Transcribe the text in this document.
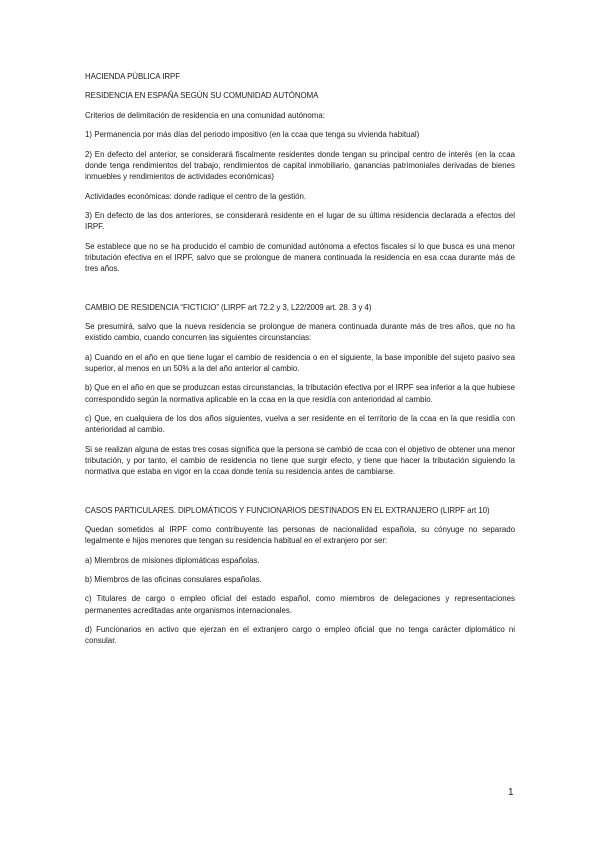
HACIENDA PÚBLICA IRPF

RESIDENCIA EN ESPAÑA SEGÚN SU COMUNIDAD AUTÓNOMA

Criterios de delimitación de residencia en una comunidad autónoma:

1) Permanencia por más días del periodo impositivo (en la ccaa que tenga su vivienda habitual)

2) En defecto del anterior, se considerará fiscalmente residentes donde tengan su principal centro de interés (en la ccaa donde tenga rendimientos del trabajo, rendimientos de capital inmobiliario, ganancias patrimoniales derivadas de bienes inmuebles y rendimientos de actividades económicas)

Actividades económicas: donde radique el centro de la gestión.

3) En defecto de las dos anteriores, se considerará residente en el lugar de su última residencia declarada a efectos del IRPF.

Se establece que no se ha producido el cambio de comunidad autónoma a efectos fiscales si lo que busca es una menor tributación efectiva en el IRPF, salvo que se prolongue de manera continuada la residencia en esa ccaa durante más de tres años.

CAMBIO DE RESIDENCIA “FICTICIO” (LIRPF art 72.2 y 3, L22/2009 art. 28. 3 y 4)

Se presumirá, salvo que la nueva residencia se prolongue de manera continuada durante más de tres años, que no ha existido cambio, cuando concurren las siguientes circunstancias:

a) Cuando en el año en que tiene lugar el cambio de residencia o en el siguiente, la base imponible del sujeto pasivo sea superior, al menos en un 50% a la del año anterior al cambio.

b) Que en el año en que se produzcan estas circunstancias, la tributación efectiva por el IRPF sea inferior a la que hubiese correspondido según la normativa aplicable en la ccaa en la que residía con anterioridad al cambio.

c) Que, en cualquiera de los dos años siguientes, vuelva a ser residente en el territorio de la ccaa en la que residía con anterioridad al cambio.

Si se realizan alguna de estas tres cosas significa que la persona se cambió de ccaa con el objetivo de obtener una menor tributación, y por tanto, el cambio de residencia no tiene que surgir efecto, y tiene que hacer la tributación siguiendo la normativa que estaba en vigor en la ccaa donde tenía su residencia antes de cambiarse.

CASOS PARTICULARES. DIPLOMÁTICOS Y FUNCIONARIOS DESTINADOS EN EL EXTRANJERO (LIRPF art 10)

Quedan sometidos al IRPF como contribuyente las personas de nacionalidad española, su cónyuge no separado legalmente e hijos menores que tengan su residencia habitual en el extranjero por ser:

a) Miembros de misiones diplomáticas españolas.

b) Miembros de las oficinas consulares españolas.

c) Titulares de cargo o empleo oficial del estado español, como miembros de delegaciones y representaciones permanentes acreditadas ante organismos internacionales.

d) Funcionarios en activo que ejerzan en el extranjero cargo o empleo oficial que no tenga carácter diplomático ni consular.

1
